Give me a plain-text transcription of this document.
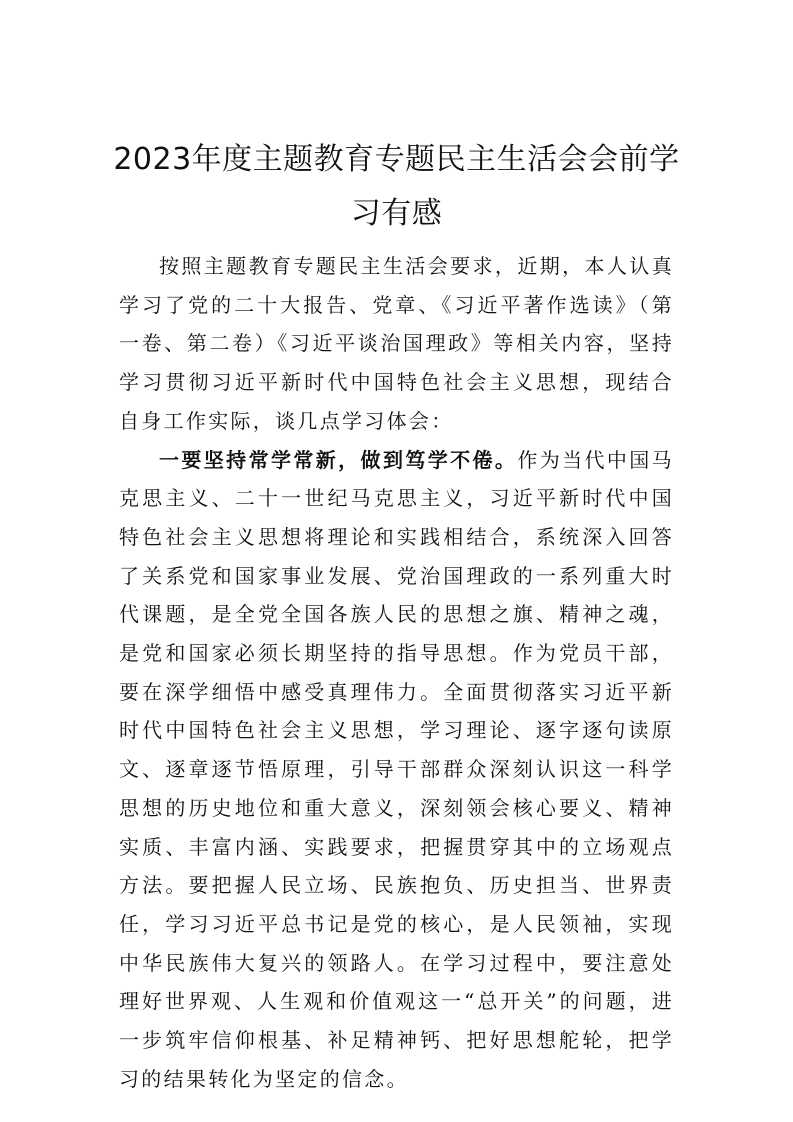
2023年度主题教育专题民主生活会会前学
习有感

按照主题教育专题民主生活会要求，近期，本人认真学习了党的二十大报告、党章、《习近平著作选读》（第一卷、第二卷）《习近平谈治国理政》等相关内容，坚持学习贯彻习近平新时代中国特色社会主义思想，现结合自身工作实际，谈几点学习体会：

一要坚持常学常新，做到笃学不倦。作为当代中国马克思主义、二十一世纪马克思主义，习近平新时代中国特色社会主义思想将理论和实践相结合，系统深入回答了关系党和国家事业发展、党治国理政的一系列重大时代课题，是全党全国各族人民的思想之旗、精神之魂，是党和国家必须长期坚持的指导思想。作为党员干部，要在深学细悟中感受真理伟力。全面贯彻落实习近平新时代中国特色社会主义思想，学习理论、逐字逐句读原文、逐章逐节悟原理，引导干部群众深刻认识这一科学思想的历史地位和重大意义，深刻领会核心要义、精神实质、丰富内涵、实践要求，把握贯穿其中的立场观点方法。要把握人民立场、民族抱负、历史担当、世界责任，学习习近平总书记是党的核心，是人民领袖，实现中华民族伟大复兴的领路人。在学习过程中，要注意处理好世界观、人生观和价值观这一“总开关”的问题，进一步筑牢信仰根基、补足精神钙、把好思想舵轮，把学习的结果转化为坚定的信念。
